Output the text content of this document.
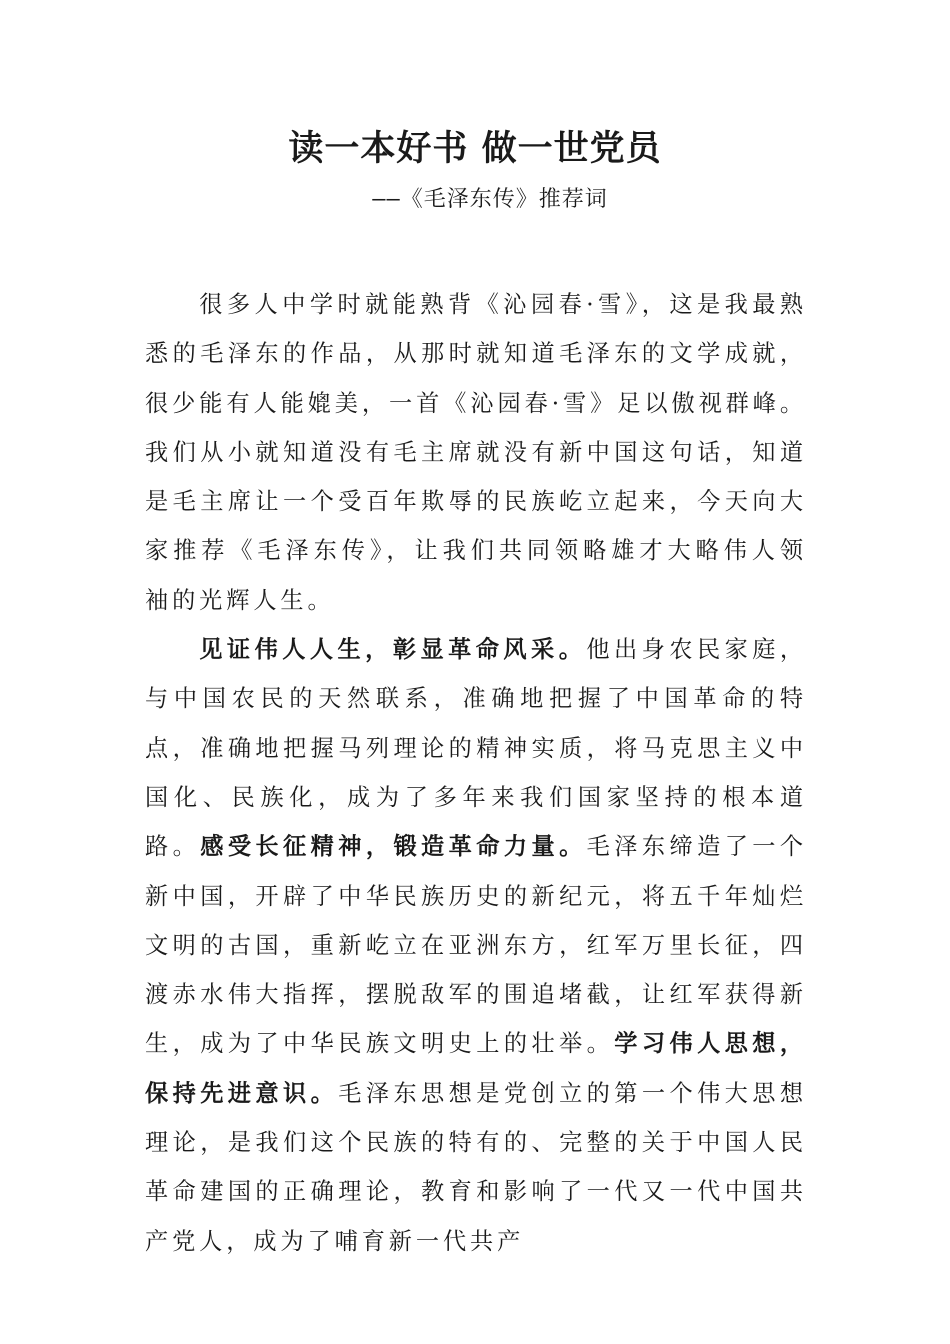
读一本好书 做一世党员
——《毛泽东传》推荐词

很多人中学时就能熟背《沁园春·雪》，这是我最熟悉的毛泽东的作品，从那时就知道毛泽东的文学成就，很少能有人能媲美，一首《沁园春·雪》足以傲视群峰。我们从小就知道没有毛主席就没有新中国这句话，知道是毛主席让一个受百年欺辱的民族屹立起来，今天向大家推荐《毛泽东传》，让我们共同领略雄才大略伟人领袖的光辉人生。

见证伟人人生，彰显革命风采。他出身农民家庭，与中国农民的天然联系，准确地把握了中国革命的特点，准确地把握马列理论的精神实质，将马克思主义中国化、民族化，成为了多年来我们国家坚持的根本道路。感受长征精神，锻造革命力量。毛泽东缔造了一个新中国，开辟了中华民族历史的新纪元，将五千年灿烂文明的古国，重新屹立在亚洲东方，红军万里长征，四渡赤水伟大指挥，摆脱敌军的围追堵截，让红军获得新生，成为了中华民族文明史上的壮举。学习伟人思想，保持先进意识。毛泽东思想是党创立的第一个伟大思想理论，是我们这个民族的特有的、完整的关于中国人民革命建国的正确理论，教育和影响了一代又一代中国共产党人，成为了哺育新一代共产
